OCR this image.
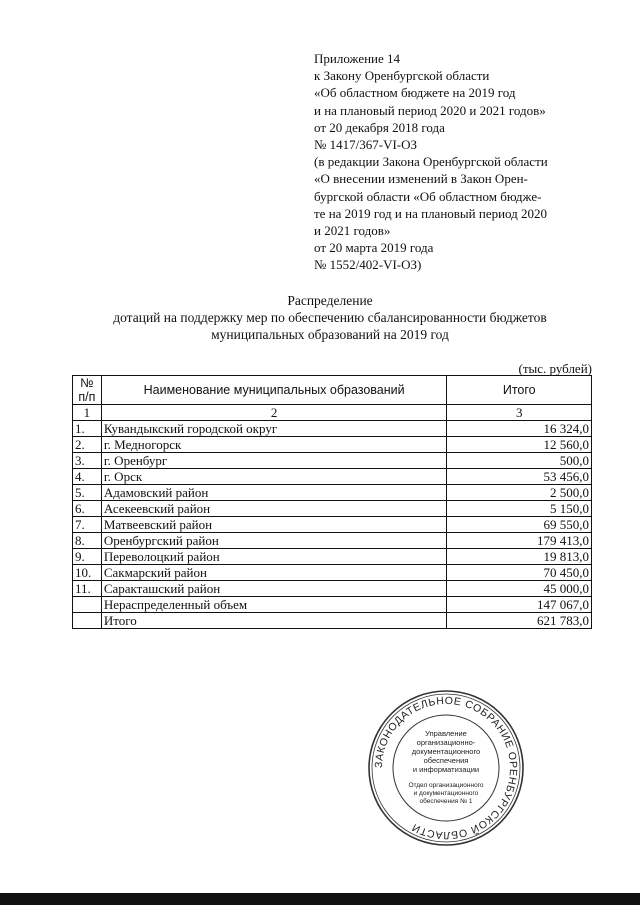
Приложение 14
к Закону Оренбургской области
«Об областном бюджете на 2019 год
и на плановый период 2020 и 2021 годов»
от 20 декабря 2018 года
№ 1417/367-VI-ОЗ
(в редакции Закона Оренбургской области
«О внесении изменений в Закон Орен-
бургской области «Об областном бюдже-
те на 2019 год и на плановый период 2020
и 2021 годов»
от 20 марта 2019 года
№ 1552/402-VI-ОЗ)
Распределение
дотаций на поддержку мер по обеспечению сбалансированности бюджетов
муниципальных образований на 2019 год
(тыс. рублей)
№
п/п	Наименование муниципальных образований	Итого
1	2	3
1.	Кувандыкский городской округ	16 324,0
2.	г. Медногорск	12 560,0
3.	г. Оренбург	500,0
4.	г. Орск	53 456,0
5.	Адамовский район	2 500,0
6.	Асекеевский район	5 150,0
7.	Матвеевский район	69 550,0
8.	Оренбургский район	179 413,0
9.	Переволоцкий район	19 813,0
10.	Сакмарский район	70 450,0
11.	Саракташский район	45 000,0
	Нераспределенный объем	147 067,0
	Итого	621 783,0
ЗАКОНОДАТЕЛЬНОЕ СОБРАНИЕ ОРЕНБУРГСКОЙ ОБЛАСТИ
Управление
организационно-
документационного
обеспечения
и информатизации
Отдел организационного
и документационного
обеспечения № 1
